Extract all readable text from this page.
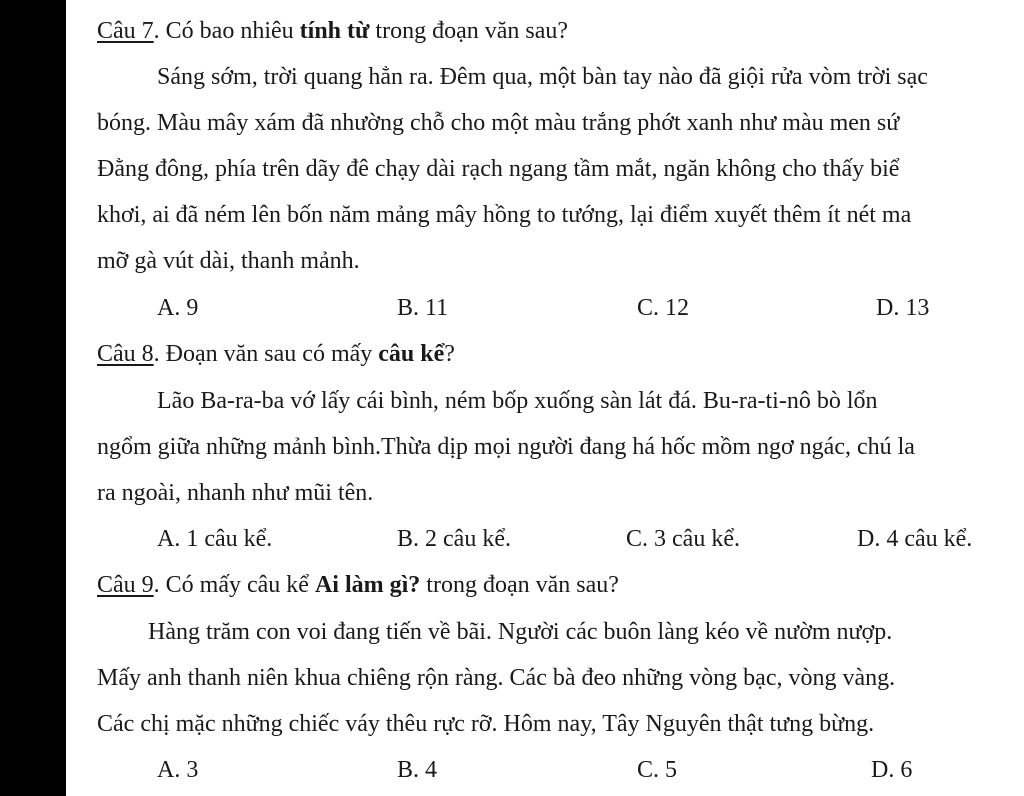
Câu 7. Có bao nhiêu tính từ trong đoạn văn sau?
Sáng sớm, trời quang hẳn ra. Đêm qua, một bàn tay nào đã giội rửa vòm trời sạc
bóng. Màu mây xám đã nhường chỗ cho một màu trắng phớt xanh như màu men sứ
Đằng đông, phía trên dãy đê chạy dài rạch ngang tầm mắt, ngăn không cho thấy biể
khơi, ai đã ném lên bốn năm mảng mây hồng to tướng, lại điểm xuyết thêm ít nét ma
mỡ gà vút dài, thanh mảnh.
A. 9	B. 11	C. 12	D. 13
Câu 8. Đoạn văn sau có mấy câu kể?
Lão Ba-ra-ba vớ lấy cái bình, ném bốp xuống sàn lát đá. Bu-ra-ti-nô bò lổn
ngổm giữa những mảnh bình.Thừa dịp mọi người đang há hốc mồm ngơ ngác, chú la
ra ngoài, nhanh như mũi tên.
A. 1 câu kể.	B. 2 câu kể.	C. 3 câu kể.	D. 4 câu kể.
Câu 9. Có mấy câu kể Ai làm gì? trong đoạn văn sau?
Hàng trăm con voi đang tiến về bãi. Người các buôn làng kéo về nườm nượp.
Mấy anh thanh niên khua chiêng rộn ràng. Các bà đeo những vòng bạc, vòng vàng.
Các chị mặc những chiếc váy thêu rực rỡ. Hôm nay, Tây Nguyên thật tưng bừng.
A. 3	B. 4	C. 5	D. 6
